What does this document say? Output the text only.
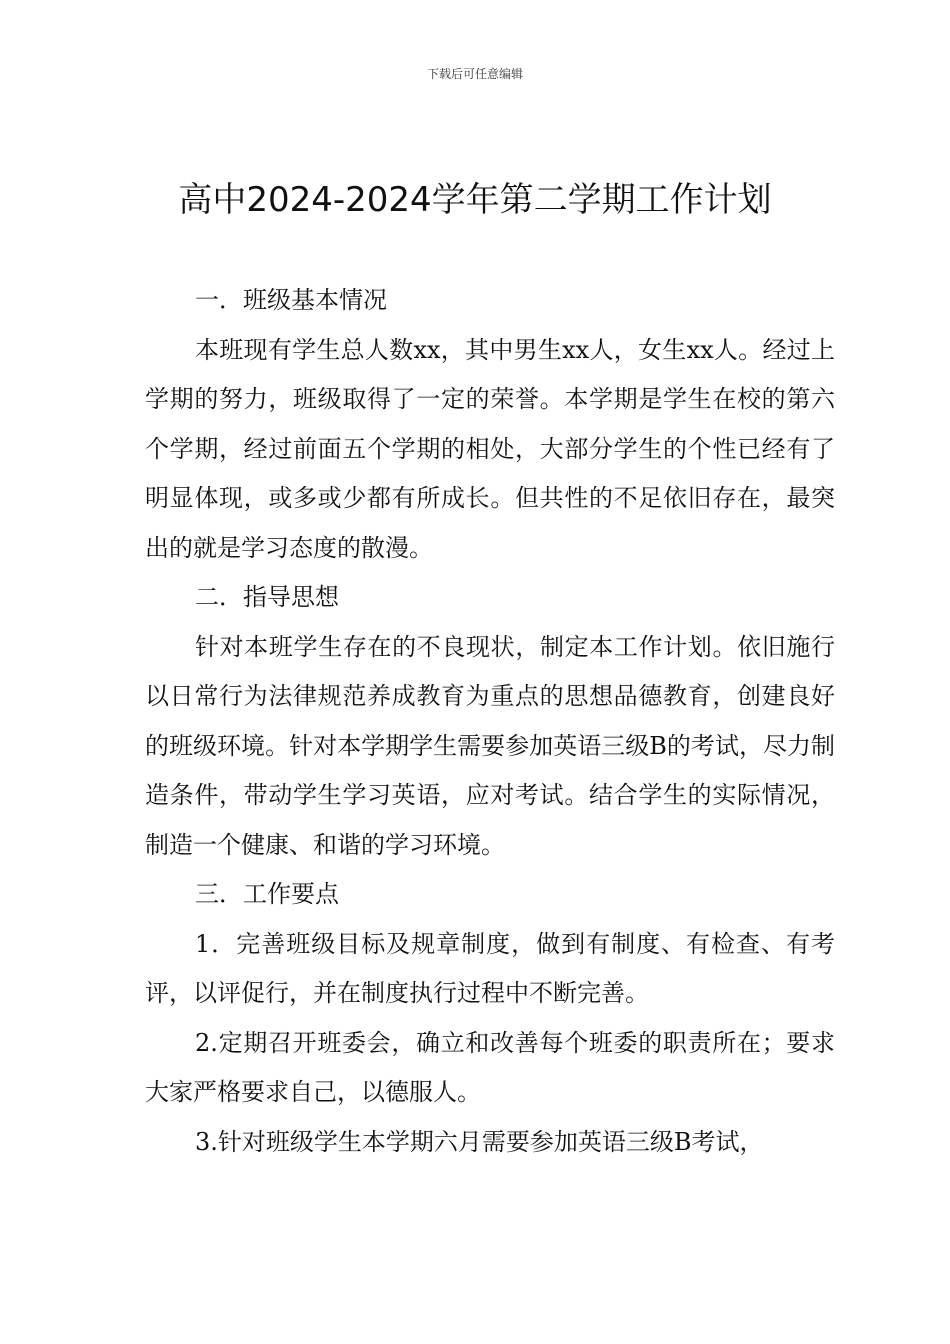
下载后可任意编辑
高中2024-2024学年第二学期工作计划

一．班级基本情况

本班现有学生总人数xx，其中男生xx人，女生xx人。经过上学期的努力，班级取得了一定的荣誉。本学期是学生在校的第六个学期，经过前面五个学期的相处，大部分学生的个性已经有了明显体现，或多或少都有所成长。但共性的不足依旧存在，最突出的就是学习态度的散漫。

二．指导思想

针对本班学生存在的不良现状，制定本工作计划。依旧施行以日常行为法律规范养成教育为重点的思想品德教育，创建良好的班级环境。针对本学期学生需要参加英语三级B的考试，尽力制造条件，带动学生学习英语，应对考试。结合学生的实际情况，制造一个健康、和谐的学习环境。

三．工作要点

1．完善班级目标及规章制度，做到有制度、有检查、有考评，以评促行，并在制度执行过程中不断完善。

2.定期召开班委会，确立和改善每个班委的职责所在；要求大家严格要求自己，以德服人。

3.针对班级学生本学期六月需要参加英语三级B考试，
